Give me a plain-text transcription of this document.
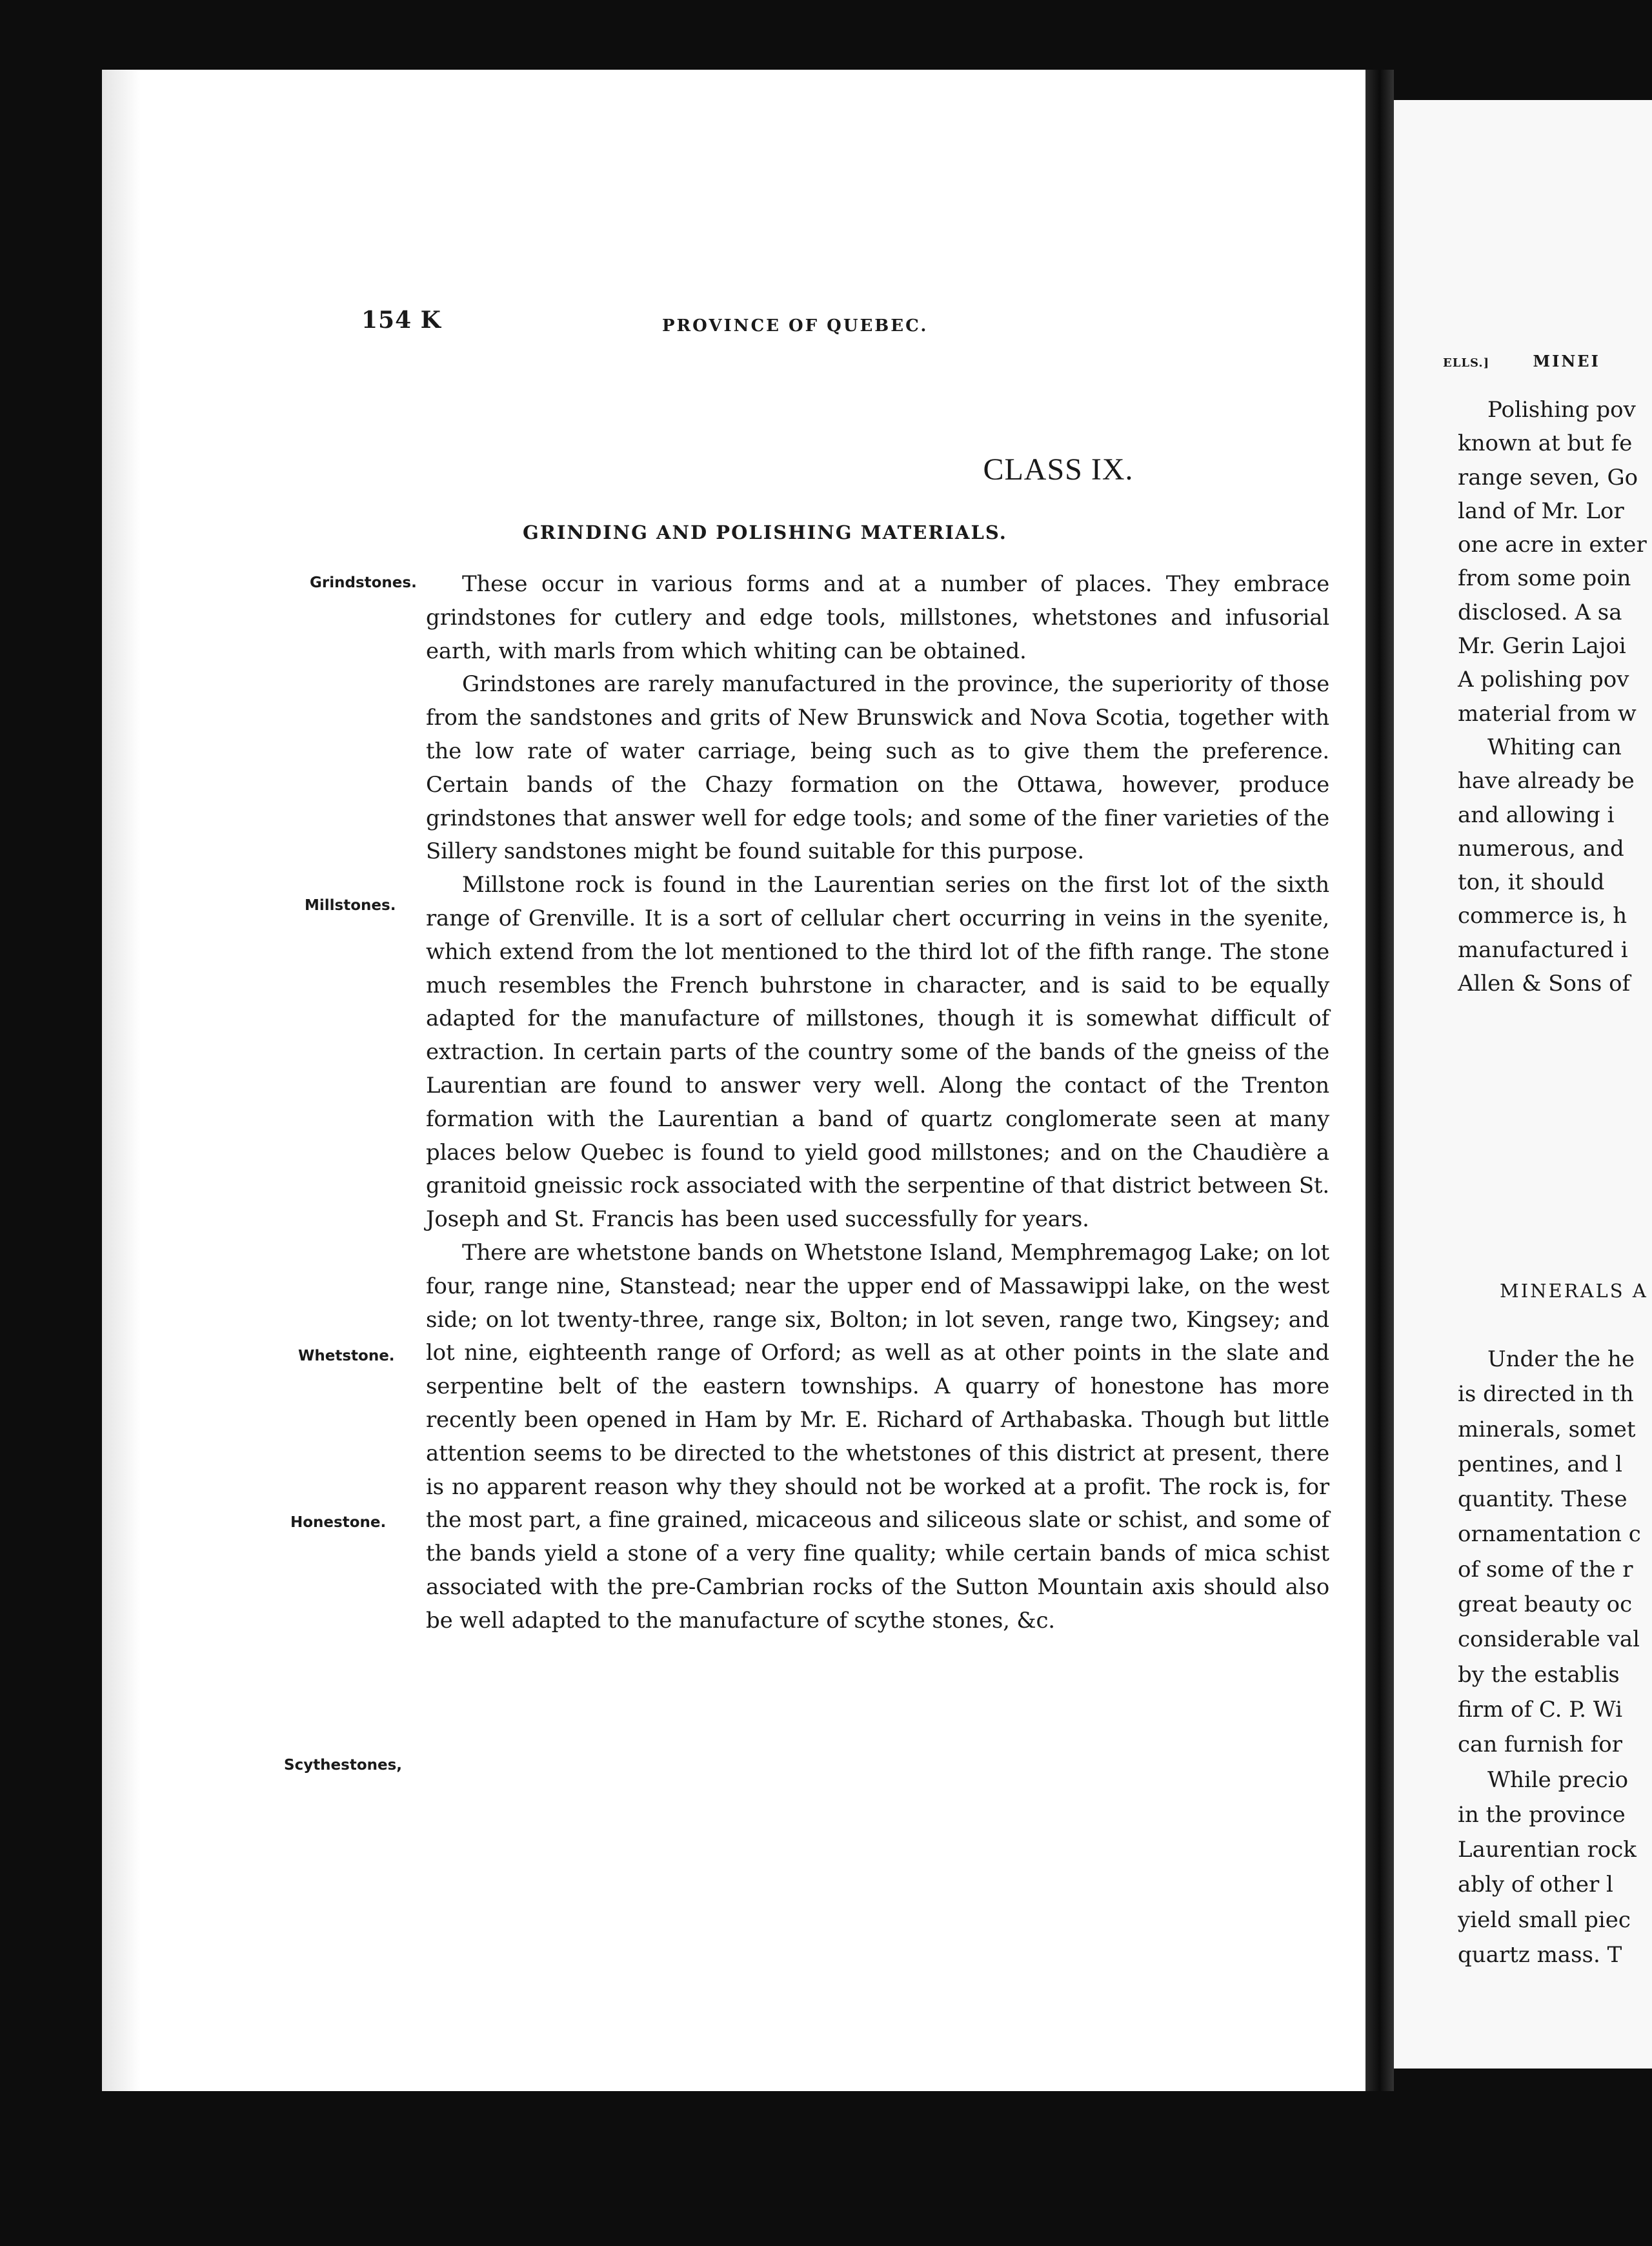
ELLS.]	MINEI
Polishing pov
known at but fe
range seven, Go
land of Mr. Lor
one acre in exter
from some poin
disclosed. A sa
Mr. Gerin Lajoi
A polishing pov
material from w
Whiting can
have already be
and allowing i
numerous, and
ton, it should
commerce is, h
manufactured i
Allen & Sons of
MINERALS A
Under the he
is directed in th
minerals, somet
pentines, and l
quantity. These
ornamentation c
of some of the r
great beauty oc
considerable val
by the establis
firm of C. P. Wi
can furnish for
While precio
in the province
Laurentian rock
ably of other l
yield small piec
quartz mass. T
154 K	PROVINCE OF QUEBEC.
CLASS IX.
GRINDING AND POLISHING MATERIALS.
Grindstones.
Millstones.
Whetstone.
Honestone.
Scythestones,

These occur in various forms and at a number of places. They embrace grindstones for cutlery and edge tools, millstones, whetstones and infusorial earth, with marls from which whiting can be obtained.

Grindstones are rarely manufactured in the province, the superiority of those from the sandstones and grits of New Brunswick and Nova Scotia, together with the low rate of water carriage, being such as to give them the preference. Certain bands of the Chazy formation on the Ottawa, however, produce grindstones that answer well for edge tools; and some of the finer varieties of the Sillery sandstones might be found suitable for this purpose.

Millstone rock is found in the Laurentian series on the first lot of the sixth range of Grenville. It is a sort of cellular chert occurring in veins in the syenite, which extend from the lot mentioned to the third lot of the fifth range. The stone much resembles the French buhrstone in character, and is said to be equally adapted for the manufacture of millstones, though it is somewhat difficult of extraction. In certain parts of the country some of the bands of the gneiss of the Laurentian are found to answer very well. Along the contact of the Trenton formation with the Laurentian a band of quartz conglomerate seen at many places below Quebec is found to yield good millstones; and on the Chaudière a granitoid gneissic rock associated with the serpentine of that district between St. Joseph and St. Francis has been used successfully for years.

There are whetstone bands on Whetstone Island, Memphremagog Lake; on lot four, range nine, Stanstead; near the upper end of Massawippi lake, on the west side; on lot twenty-three, range six, Bolton; in lot seven, range two, Kingsey; and lot nine, eighteenth range of Orford; as well as at other points in the slate and serpentine belt of the eastern townships. A quarry of honestone has more recently been opened in Ham by Mr. E. Richard of Arthabaska. Though but little attention seems to be directed to the whetstones of this district at present, there is no apparent reason why they should not be worked at a profit. The rock is, for the most part, a fine grained, micaceous and siliceous slate or schist, and some of the bands yield a stone of a very fine quality; while certain bands of mica schist associated with the pre-Cambrian rocks of the Sutton Mountain axis should also be well adapted to the manufacture of scythe stones, &c.
